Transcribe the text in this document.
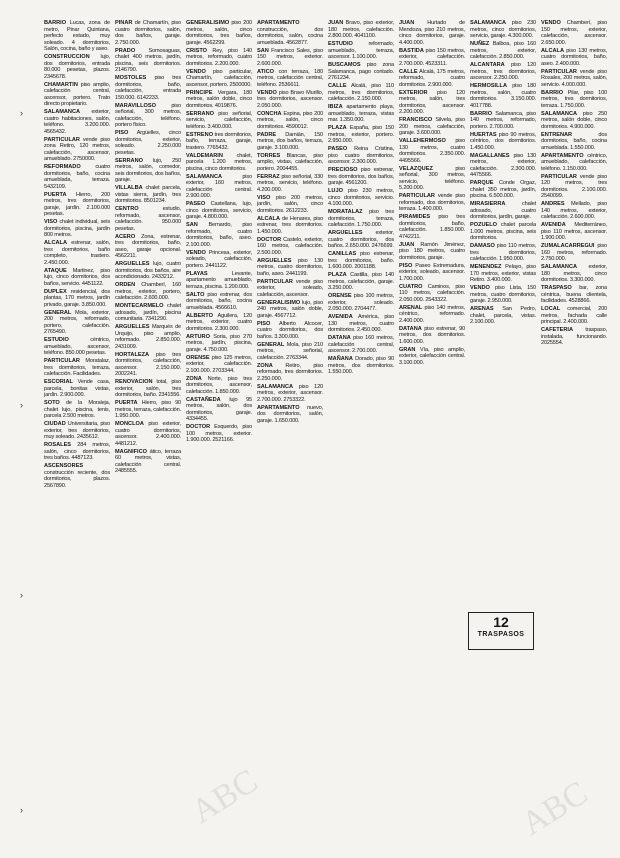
BARRIO Lucas, zona de metro, Pinar Quintana, perfecto estado, muy soleado. 4 dormitorios, Salón, cocina, baño y aseo.

CONSTRUCCION lujo, dos dormitorios, entrada 80.000 pesetas, plazos. 2345678.

CHAMARTIN piso amplio, calefacción central, ascensor, portero. Trato directo propietario.

SALAMANCA exterior, cuatro habitaciones, salón, teléfono. 3.200.000. 4565432.

PARTICULAR vende piso zona Retiro, 120 metros, calefacción, ascensor, amueblado. 2750000.

REFORMADO	cuatro dormitorios, baño, cocina amueblada, terraza. 5432109.

PUERTA Hierro, 200 metros, tres dormitorios, garaje, jardín. 2.100.000 pesetas.

VISO chalet individual, seis dormitorios, piscina, jardín 800 metros.

ALCALA estrenar, salón, tres dormitorios, baño completo, trastero. 2.450.000.

ATAQUE Martinez, piso lujo, cinco dormitorios, dos baños, servicio. 4451122.

DUPLEX residencial, dos plantas, 170 metros, jardín privado, garaje. 3.850.000.

GENERAL Mola, exterior, 200 metros, reformado, portero, calefacción. 2765490.

ESTUDIO	céntrico, amueblado, ascensor, teléfono. 850.000 pesetas.

PARTICULAR Moratalaz, tres dormitorios, terraza, calefacción. Facilidades.

ESCORIAL Vende casa, parcela, bonitas vistas, jardín. 2.900.000.

SOTO de la Moraleja, chalet lujo, piscina, tenis, parcela 2.500 metros.

CIUDAD Universitaria, piso exterior, tres dormitorios, muy soleado. 2435612.

ROSALES 284 metros, salón, cinco dormitorios, tres baños. 4487123.

ASCENSORES construcción reciente, dos dormitorios, plazos. 2567890.

PINAR de Chamartín, piso cuatro dormitorios, salón, dos baños, garaje. 2.750.000.

PRADO Somosaguas, chalet 400 metros, jardín, piscina, seis dormitorios. 2146790.

MOSTOLES piso tres dormitorios, baño, calefacción, entrada 150.000. 6142233.

MARAVILLOSO	piso señorial, 300 metros, calefacción, teléfono, portero físico.

PISO Argüelles, cinco dormitorios, exterior, soleado. 2.250.000 pesetas.

SERRANO lujo, 250 metros, salón, comedor, seis dormitorios, dos baños, garaje.

VILLALBA chalet parcela, vistas sierra, jardín, tres dormitorios. 8501234.

CENTRO	estudio, reformado, ascensor, calefacción. 950.000 pesetas.

ACERO Zona, estrenar, tres dormitorios, baño, aseo, garaje opcional. 4562211.

ARGUELLES lujo, cuatro dormitorios, dos baños, aire acondicionado. 2433212.

ORDEN Chamberí, 160 metros, exterior, portero, calefacción. 2.600.000.

MONTECARMELO chalet adosado, jardín, piscina comunitaria. 7341290.

ARGUELLES Marqués de Urquijo, piso amplio, reformado. 2.850.000. 2431009.

HORTALEZA piso tres dormitorios, calefacción, ascensor. 2.150.000. 2002241.

RENOVACION total, piso exterior, salón, tres dormitorios, baño. 2341556.

PUERTA Hierro, piso 90 metros, terraza, calefacción. 1.950.000.

MONCLOA piso exterior, cuatro dormitorios, ascensor. 2.400.000. 4481212.

MAGNIFICO ático, terraza 60 metros, vistas, calefacción central. 2485555.

GENERALISIMO piso 200 metros, salón, cinco dormitorios, tres baños, garaje. 4562299.

CRISTO Rey, piso 140 metros, reformado, cuatro dormitorios. 2.200.000.

VENDO piso particular, Chamartín, calefacción, ascensor, portero. 2500000.

PRINCIPE Vergara, 180 metros, salón doble, cinco dormitorios. 4019876.

SERRANO piso señorial, servicio, calefacción, teléfono. 3.400.000.

ESTRENO tres dormitorios, baño, terraza, garaje, trastero. 7765432.

VALDEMARIN chalet, parcela 1.200 metros, piscina, cinco dormitorios.

SALAMANCA	piso exterior, 160 metros, calefacción central. 2.900.000.

PASEO Castellana, lujo, cinco dormitorios, servicio, garaje. 4.800.000.

SAN Bernardo, piso reformado, cuatro dormitorios, baño, aseo. 2.100.000.

VENDO Princesa, exterior, soleado, calefacción, portero. 2441122.

PLAYAS	Levante, apartamento amueblado, terraza, piscina. 1.200.000.

SALTO piso estrenar, dos dormitorios, baño, cocina amueblada. 4566610.

ALBERTO Aguilera, 120 metros, exterior, cuatro dormitorios. 2.300.000.

ARTURO Soria, piso 270 metros, jardín, piscina, garaje. 4.750.000.

ORENSE piso 125 metros, exterior, calefacción. 2.100.000. 2703344.

ZONA Norte, piso tres dormitorios, ascensor, calefacción. 1.850.000.

CASTAÑEDA lujo 95 metros, salón, dos dormitorios, garaje. 4334455.

DOCTOR Esquerdo, piso 100 metros, exterior. 1.900.000. 2521166.

APARTAMENTO construcción, dos dormitorios, salón, cocina amueblada. 4562877.

SAN Francisco Sales, piso 150 metros, exterior. 2.600.000.

ATICO con terraza, 180 metros, calefacción central, teléfono. 2536611.

VENDO piso Bravo Murillo, tres dormitorios, ascensor. 2.050.000.

CONCHA Espina, piso 200 metros, salón, cinco dormitorios. 4590012.

PADRE Damián, 150 metros, dos baños, terraza, garaje. 3.100.000.

TORRES Blancas, piso amplio, vistas, calefacción, portero. 2004455.

FERRAZ piso señorial, 330 metros, servicio, teléfono. 4.200.000.

VISO piso 200 metros, jardín, salón, cinco dormitorios. 2612233.

ALCALA de Henares, piso estrenar, tres dormitorios. 1.450.000.

DOCTOR Castelo, exterior, 160 metros, calefacción. 2.500.000.

ARGUELLES piso 130 metros, cuatro dormitorios, baño, aseo. 2441199.

PARTICULAR vende piso exterior, soleado, calefacción, ascensor.

GENERALISIMO lujo, piso 240 metros, salón doble, garaje. 4567712.

PISO Alberto Alcocer, cuatro dormitorios, dos baños. 3.300.000.

GENERAL Mola, piso 210 metros, señorial, calefacción. 2763344.

ZONA Retiro, piso reformado, tres dormitorios. 2.250.000.

SALAMANCA piso 120 metros, exterior, ascensor. 2.700.000. 2753322.

APARTAMENTO nuevo, dos dormitorios, salón, garaje. 1.650.000.

JUAN Bravo, piso exterior, 180 metros, calefacción. 2.800.000. 4041100.

ESTUDIO	reformado, amueblado, terraza, ascensor. 1.100.000.

BUSCAMOS piso zona Salamanca, pago contado. 2761234.

CALLE Alcalá, piso 110 metros, tres dormitorios, calefacción. 2.150.000.

IBIZA apartamento playa, amueblado, terraza, vistas mar. 1.350.000.

PLAZA España, piso 150 metros, exterior, portero. 2.950.000.

PASEO Reina Cristina, piso cuatro dormitorios, ascensor. 2.300.000.

PRECIOSO piso estrenar, tres dormitorios, dos baños, garaje. 4561200.

LUJO piso 230 metros, cinco dormitorios, servicio. 4.100.000.

MORATALAZ piso tres dormitorios, terraza, calefacción. 1.750.000.

ARGUELLES exterior, cuatro dormitorios, dos baños. 2.650.000. 2476699.

CANILLAS piso estrenar, tres dormitorios, baño. 1.600.000. 2001188.

PLAZA Castilla, piso 140 metros, calefacción, garaje. 3.250.000.

ORENSE piso 100 metros, exterior, soleado. 2.050.000. 2704477.

AVENIDA América, piso 130 metros, cuatro dormitorios. 2.450.000.

DATANA piso 160 metros, calefacción central, ascensor. 2.700.000.

MAÑANA Dorado, piso 90 metros, dos dormitorios. 1.550.000.

JUAN Hurtado de Mendoza, piso 210 metros, cinco dormitorios, garaje. 4.400.000.

BASTIDA piso 150 metros, exterior, calefacción. 2.700.000. 4523311.

CALLE Alcalá, 175 metros, reformado, cuatro dormitorios. 2.900.000.

EXTERIOR piso 120 metros, salón, tres dormitorios, ascensor. 2.200.000.

FRANCISCO Silvela, piso 200 metros, calefacción, garaje. 3.600.000.

VALLEHERMOSO piso 130 metros, cuatro dormitorios. 2.350.000. 4495566.

VELAZQUEZ	piso señorial, 300 metros, servicio, teléfono. 5.200.000.

PARTICULAR vende piso reformado, dos dormitorios, terraza. 1.400.000.

PIRAMIDES piso tres dormitorios, baño, calefacción. 1.850.000. 4742211.

JUAN Ramón Jiménez, piso 180 metros, cuatro dormitorios, garaje.

PISO Paseo Extremadura, exterior, soleado, ascensor. 1.700.000.

CUATRO Caminos, piso 110 metros, calefacción. 2.050.000. 2543322.

ARENAL piso 140 metros, céntrico, reformado. 2.400.000.

DATANA piso estrenar, 90 metros, dos dormitorios. 1.600.000.

GRAN Vía, piso amplio, exterior, calefacción central. 3.100.000.

SALAMANCA piso 230 metros, cinco dormitorios, servicio, garaje. 4.300.000.

NUÑEZ Balboa, piso 160 metros, exterior, calefacción. 2.850.000.

ALCANTARA piso 120 metros, tres dormitorios, ascensor. 2.250.000.

HERMOSILLA piso 180 metros, salón, cuatro dormitorios. 3.150.000. 4017788.

BARRIO Salamanca, piso 140 metros, reformado, portero. 2.700.000.

HUERTAS piso 90 metros, céntrico, dos dormitorios. 1.450.000.

MAGALLANES piso 130 metros, exterior, calefacción. 2.300.000. 4475566.

PARQUE Conde Orgaz, chalet 350 metros, jardín, piscina. 6.500.000.

MIRASIERRA	chalet adosado, cuatro dormitorios, jardín, garaje.

POZUELO chalet parcela 1.000 metros, piscina, seis dormitorios.

DAMASO piso 110 metros, tres dormitorios, calefacción. 1.950.000.

MENENDEZ Pelayo, piso 170 metros, exterior, vistas Retiro. 3.400.000.

VENDO piso Lista, 150 metros, cuatro dormitorios, garaje. 2.950.000.

ARENAS San Pedro, chalet, parcela, vistas. 2.100.000.

VENDO Chamberí, piso 150 metros, exterior, calefacción, ascensor. 2.650.000.

ALCALA piso 130 metros, cuatro dormitorios, baño, aseo. 2.400.000.

PARTICULAR vende piso Rosales, 200 metros, salón, servicio. 4.000.000.

BARRIO Pilar, piso 100 metros, tres dormitorios, terraza. 1.750.000.

SALAMANCA piso 250 metros, salón doble, cinco dormitorios. 4.900.000.

ENTRENAR	dos dormitorios, baño, cocina amueblada. 1.550.000.

APARTAMENTO céntrico, amueblado, calefacción, teléfono. 1.150.000.

PARTICULAR vende piso 120 metros, tres dormitorios. 2.100.000. 2540099.

ANDRES Mellado, piso 140 metros, exterior, calefacción. 2.600.000.

AVENIDA Mediterráneo, piso 110 metros, ascensor. 1.900.000.

ZUMALACARREGUI piso 160 metros, reformado. 2.750.000.

SALAMANCA exterior, 180 metros, cinco dormitorios. 3.300.000.

TRASPASO bar, zona céntrica, buena clientela, facilidades. 4528866.

LOCAL comercial, 200 metros, fachada calle principal. 2.400.000.

CAFETERIA traspaso, instalada, funcionando. 2025554.

12
TRASPASOS
ABC	ABC
›
›
›
›
